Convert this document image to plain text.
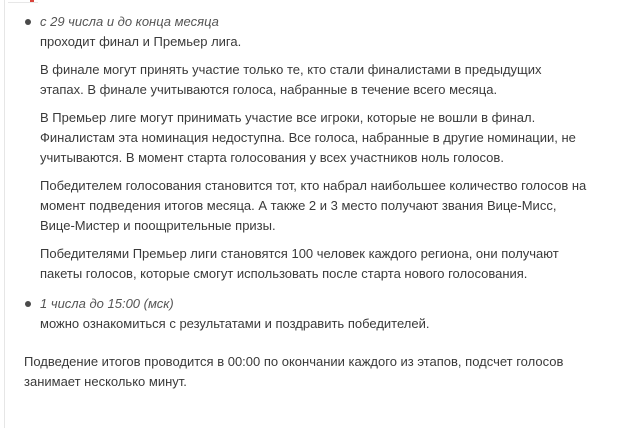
с 29 числа и до конца месяца

проходит финал и Премьер лига.

В финале могут принять участие только те, кто стали финалистами в предыдущих этапах. В финале учитываются голоса, набранные в течение всего месяца.

В Премьер лиге могут принимать участие все игроки, которые не вошли в финал. Финалистам эта номинация недоступна. Все голоса, набранные в другие номинации, не учитываются. В момент старта голосования у всех участников ноль голосов.

Победителем голосования становится тот, кто набрал наибольшее количество голосов на момент подведения итогов месяца. А также 2 и 3 место получают звания Вице-Мисс, Вице-Мистер и поощрительные призы.

Победителями Премьер лиги становятся 100 человек каждого региона, они получают пакеты голосов, которые смогут использовать после старта нового голосования.

1 числа до 15:00 (мск)

можно ознакомиться с результатами и поздравить победителей.

Подведение итогов проводится в 00:00 по окончании каждого из этапов, подсчет голосов занимает несколько минут.
